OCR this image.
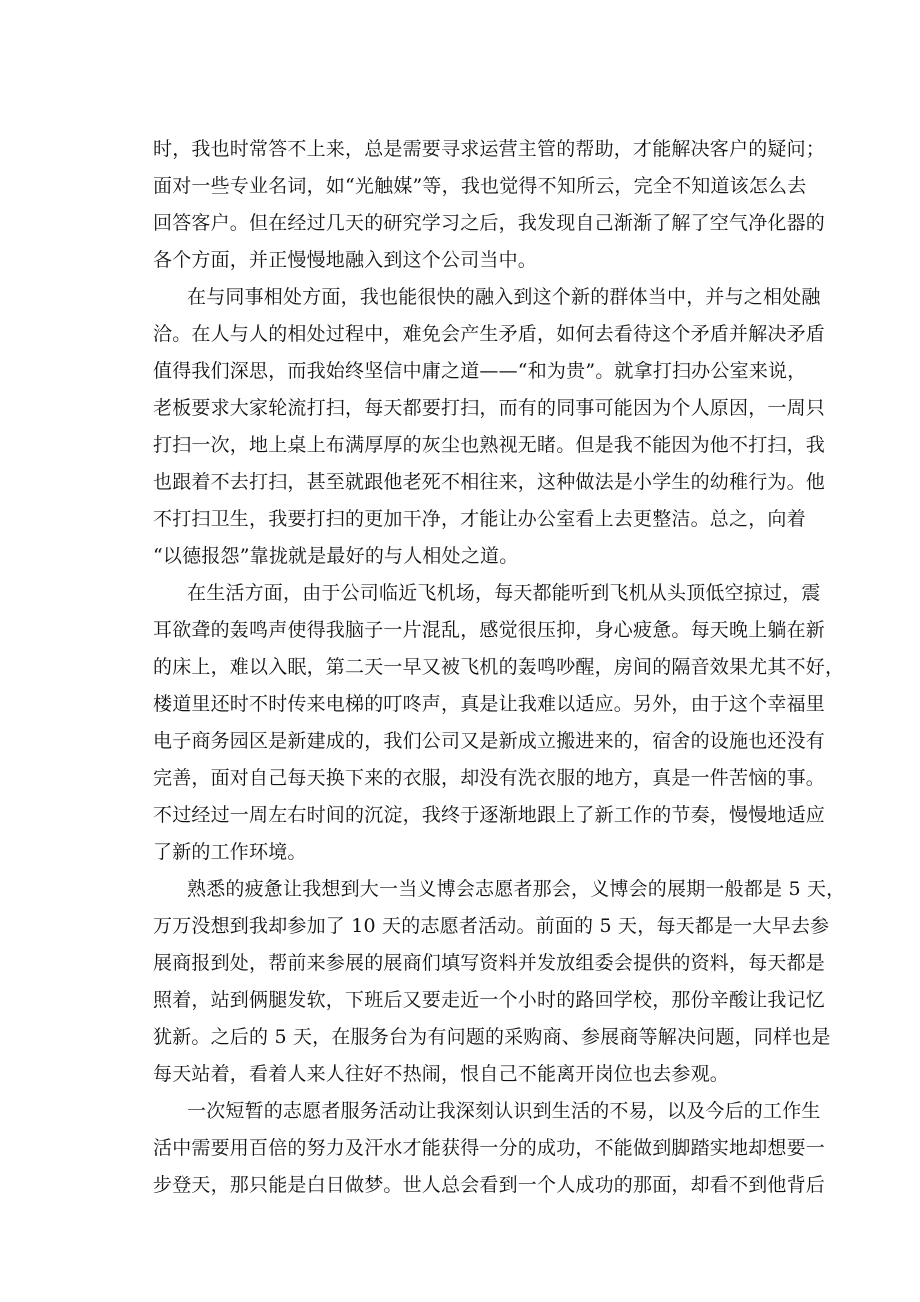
时，我也时常答不上来，总是需要寻求运营主管的帮助，才能解决客户的疑问；
面对一些专业名词，如“光触媒”等，我也觉得不知所云，完全不知道该怎么去
回答客户。但在经过几天的研究学习之后，我发现自己渐渐了解了空气净化器的
各个方面，并正慢慢地融入到这个公司当中。
在与同事相处方面，我也能很快的融入到这个新的群体当中，并与之相处融
洽。在人与人的相处过程中，难免会产生矛盾，如何去看待这个矛盾并解决矛盾
值得我们深思，而我始终坚信中庸之道——“和为贵”。就拿打扫办公室来说，
老板要求大家轮流打扫，每天都要打扫，而有的同事可能因为个人原因，一周只
打扫一次，地上桌上布满厚厚的灰尘也熟视无睹。但是我不能因为他不打扫，我
也跟着不去打扫，甚至就跟他老死不相往来，这种做法是小学生的幼稚行为。他
不打扫卫生，我要打扫的更加干净，才能让办公室看上去更整洁。总之，向着
“以德报怨”靠拢就是最好的与人相处之道。
在生活方面，由于公司临近飞机场，每天都能听到飞机从头顶低空掠过，震
耳欲聋的轰鸣声使得我脑子一片混乱，感觉很压抑，身心疲惫。每天晚上躺在新
的床上，难以入眠，第二天一早又被飞机的轰鸣吵醒，房间的隔音效果尤其不好，
楼道里还时不时传来电梯的叮咚声，真是让我难以适应。另外，由于这个幸福里
电子商务园区是新建成的，我们公司又是新成立搬进来的，宿舍的设施也还没有
完善，面对自己每天换下来的衣服，却没有洗衣服的地方，真是一件苦恼的事。
不过经过一周左右时间的沉淀，我终于逐渐地跟上了新工作的节奏，慢慢地适应
了新的工作环境。
熟悉的疲惫让我想到大一当义博会志愿者那会，义博会的展期一般都是 5 天，
万万没想到我却参加了 10 天的志愿者活动。前面的 5 天，每天都是一大早去参
展商报到处，帮前来参展的展商们填写资料并发放组委会提供的资料，每天都是
照着，站到俩腿发软，下班后又要走近一个小时的路回学校，那份辛酸让我记忆
犹新。之后的 5 天，在服务台为有问题的采购商、参展商等解决问题，同样也是
每天站着，看着人来人往好不热闹，恨自己不能离开岗位也去参观。
一次短暂的志愿者服务活动让我深刻认识到生活的不易，以及今后的工作生
活中需要用百倍的努力及汗水才能获得一分的成功，不能做到脚踏实地却想要一
步登天，那只能是白日做梦。世人总会看到一个人成功的那面，却看不到他背后
